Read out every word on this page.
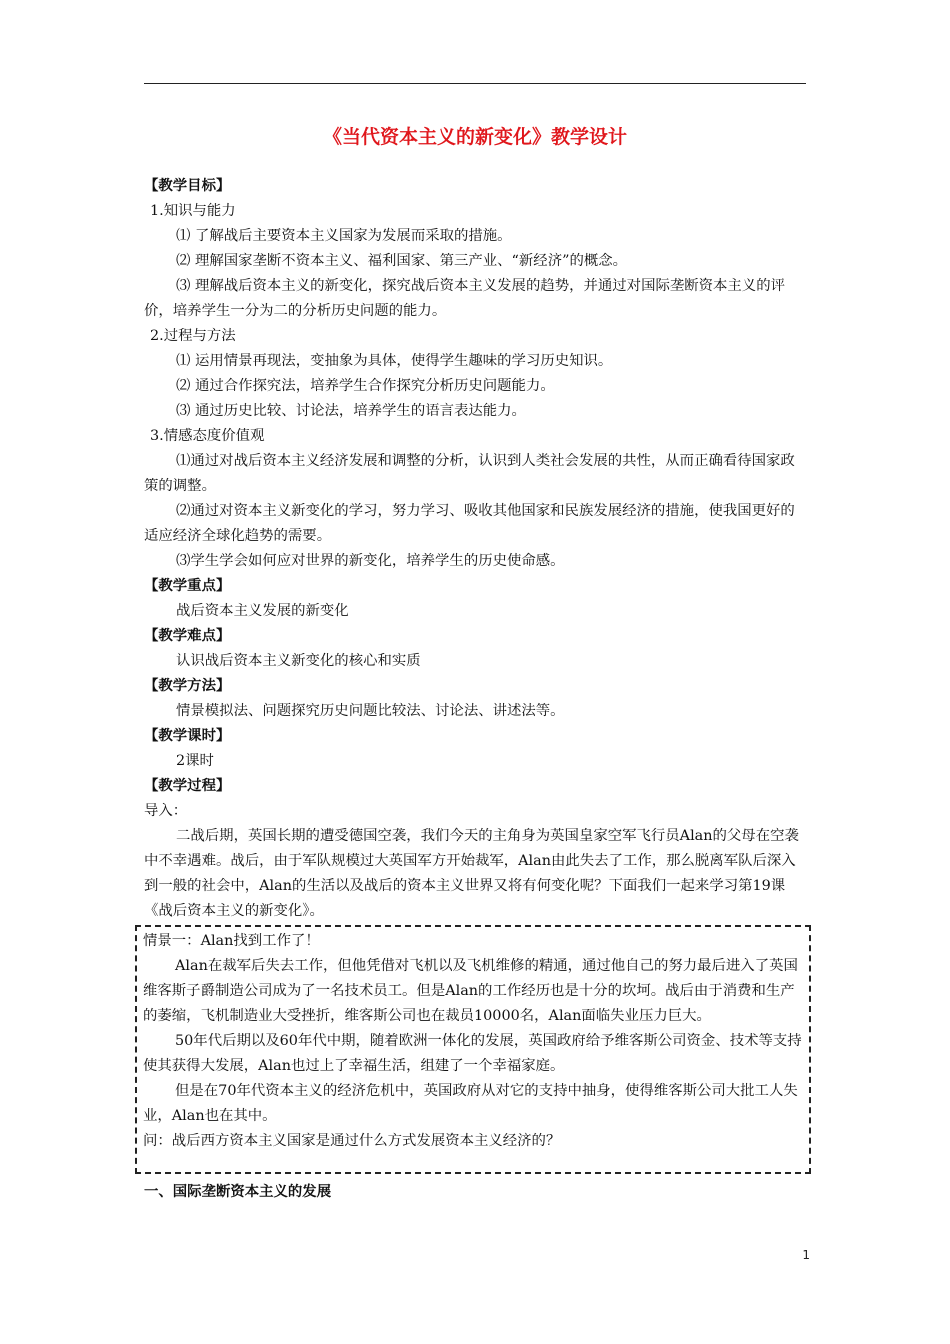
《当代资本主义的新变化》教学设计

【教学目标】

1.知识与能力

⑴ 了解战后主要资本主义国家为发展而采取的措施。

⑵ 理解国家垄断不资本主义、福利国家、第三产业、“新经济”的概念。

⑶ 理解战后资本主义的新变化，探究战后资本主义发展的趋势，并通过对国际垄断资本主义的评价，培养学生一分为二的分析历史问题的能力。

2.过程与方法

⑴ 运用情景再现法，变抽象为具体，使得学生趣味的学习历史知识。

⑵ 通过合作探究法，培养学生合作探究分析历史问题能力。

⑶ 通过历史比较、讨论法，培养学生的语言表达能力。

3.情感态度价值观

⑴通过对战后资本主义经济发展和调整的分析，认识到人类社会发展的共性，从而正确看待国家政策的调整。

⑵通过对资本主义新变化的学习，努力学习、吸收其他国家和民族发展经济的措施，使我国更好的适应经济全球化趋势的需要。

⑶学生学会如何应对世界的新变化，培养学生的历史使命感。

【教学重点】

战后资本主义发展的新变化

【教学难点】

认识战后资本主义新变化的核心和实质

【教学方法】

情景模拟法、问题探究历史问题比较法、讨论法、讲述法等。

【教学课时】

2课时

【教学过程】

导入：

二战后期，英国长期的遭受德国空袭，我们今天的主角身为英国皇家空军飞行员Alan的父母在空袭中不幸遇难。战后，由于军队规模过大英国军方开始裁军，Alan由此失去了工作，那么脱离军队后深入到一般的社会中，Alan的生活以及战后的资本主义世界又将有何变化呢？下面我们一起来学习第19课《战后资本主义的新变化》。

情景一：Alan找到工作了！

Alan在裁军后失去工作，但他凭借对飞机以及飞机维修的精通，通过他自己的努力最后进入了英国维客斯子爵制造公司成为了一名技术员工。但是Alan的工作经历也是十分的坎坷。战后由于消费和生产的萎缩，飞机制造业大受挫折，维客斯公司也在裁员10000名，Alan面临失业压力巨大。

50年代后期以及60年代中期，随着欧洲一体化的发展，英国政府给予维客斯公司资金、技术等支持使其获得大发展，Alan也过上了幸福生活，组建了一个幸福家庭。

但是在70年代资本主义的经济危机中，英国政府从对它的支持中抽身，使得维客斯公司大批工人失业，Alan也在其中。

问：战后西方资本主义国家是通过什么方式发展资本主义经济的？

一、国际垄断资本主义的发展
1
